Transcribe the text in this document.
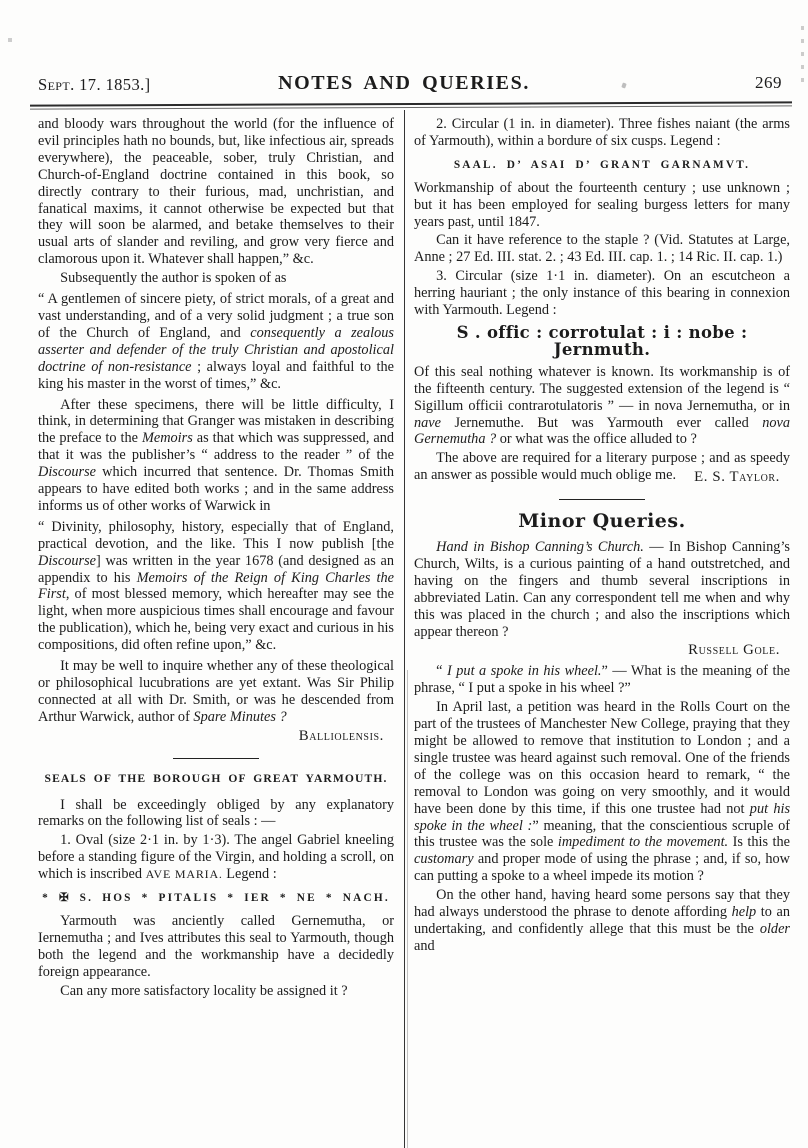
Sept. 17. 1853.]	NOTES AND QUERIES.	269
and bloody wars throughout the world (for the influence of evil principles hath no bounds, but, like infectious air, spreads everywhere), the peaceable, sober, truly Christian, and Church-of-England doctrine contained in this book, so directly contrary to their furious, mad, unchristian, and fanatical maxims, it cannot otherwise be expected but that they will soon be alarmed, and betake themselves to their usual arts of slander and reviling, and grow very fierce and clamorous upon it. Whatever shall happen,” &c.
Subsequently the author is spoken of as
“ A gentlemen of sincere piety, of strict morals, of a great and vast understanding, and of a very solid judgment ; a true son of the Church of England, and consequently a zealous asserter and defender of the truly Christian and apostolical doctrine of non-resistance ; always loyal and faithful to the king his master in the worst of times,” &c.
After these specimens, there will be little difficulty, I think, in determining that Granger was mistaken in describing the preface to the Memoirs as that which was suppressed, and that it was the publisher’s “ address to the reader ” of the Discourse which incurred that sentence. Dr. Thomas Smith appears to have edited both works ; and in the same address informs us of other works of Warwick in
“ Divinity, philosophy, history, especially that of England, practical devotion, and the like. This I now publish [the Discourse] was written in the year 1678 (and designed as an appendix to his Memoirs of the Reign of King Charles the First, of most blessed memory, which hereafter may see the light, when more auspicious times shall encourage and favour the publication), which he, being very exact and curious in his compositions, did often refine upon,” &c.
It may be well to inquire whether any of these theological or philosophical lucubrations are yet extant. Was Sir Philip connected at all with Dr. Smith, or was he descended from Arthur Warwick, author of Spare Minutes ?
Balliolensis.
SEALS OF THE BOROUGH OF GREAT YARMOUTH.
I shall be exceedingly obliged by any explanatory remarks on the following list of seals : —
1. Oval (size 2·1 in. by 1·3). The angel Gabriel kneeling before a standing figure of the Virgin, and holding a scroll, on which is inscribed AVE MARIA. Legend :
* ✠ S. HOS * PITALIS * IER * NE * NACH.
Yarmouth was anciently called Gernemutha, or Iernemutha ; and Ives attributes this seal to Yarmouth, though both the legend and the workmanship have a decidedly foreign appearance.
Can any more satisfactory locality be assigned it ?
2. Circular (1 in. in diameter). Three fishes naiant (the arms of Yarmouth), within a bordure of six cusps. Legend :
SAAL. D’ ASAI D’ GRANT GARNAMVT.
Workmanship of about the fourteenth century ; use unknown ; but it has been employed for sealing burgess letters for many years past, until 1847.
Can it have reference to the staple ? (Vid. Statutes at Large, Anne ; 27 Ed. III. stat. 2. ; 43 Ed. III. cap. 1. ; 14 Ric. II. cap. 1.)
3. Circular (size 1·1 in. diameter). On an escutcheon a herring hauriant ; the only instance of this bearing in connexion with Yarmouth. Legend :
S . offic : corrotulat : i : nobe : Jernmuth.
Of this seal nothing whatever is known. Its workmanship is of the fifteenth century. The suggested extension of the legend is “ Sigillum officii contrarotulatoris ” — in nova Jernemutha, or in nave Jernemuthe. But was Yarmouth ever called nova Gernemutha ? or what was the office alluded to ?
The above are required for a literary purpose ; and as speedy an answer as possible would much oblige me.	E. S. Taylor.
Minor Queries.
Hand in Bishop Canning’s Church. — In Bishop Canning’s Church, Wilts, is a curious painting of a hand outstretched, and having on the fingers and thumb several inscriptions in abbreviated Latin. Can any correspondent tell me when and why this was placed in the church ; and also the inscriptions which appear thereon ?
Russell Gole.
“ I put a spoke in his wheel.” — What is the meaning of the phrase, “ I put a spoke in his wheel ?”
In April last, a petition was heard in the Rolls Court on the part of the trustees of Manchester New College, praying that they might be allowed to remove that institution to London ; and a single trustee was heard against such removal. One of the friends of the college was on this occasion heard to remark, “ the removal to London was going on very smoothly, and it would have been done by this time, if this one trustee had not put his spoke in the wheel :” meaning, that the conscientious scruple of this trustee was the sole impediment to the movement. Is this the customary and proper mode of using the phrase ; and, if so, how can putting a spoke to a wheel impede its motion ?
On the other hand, having heard some persons say that they had always understood the phrase to denote affording help to an undertaking, and confidently allege that this must be the older and
